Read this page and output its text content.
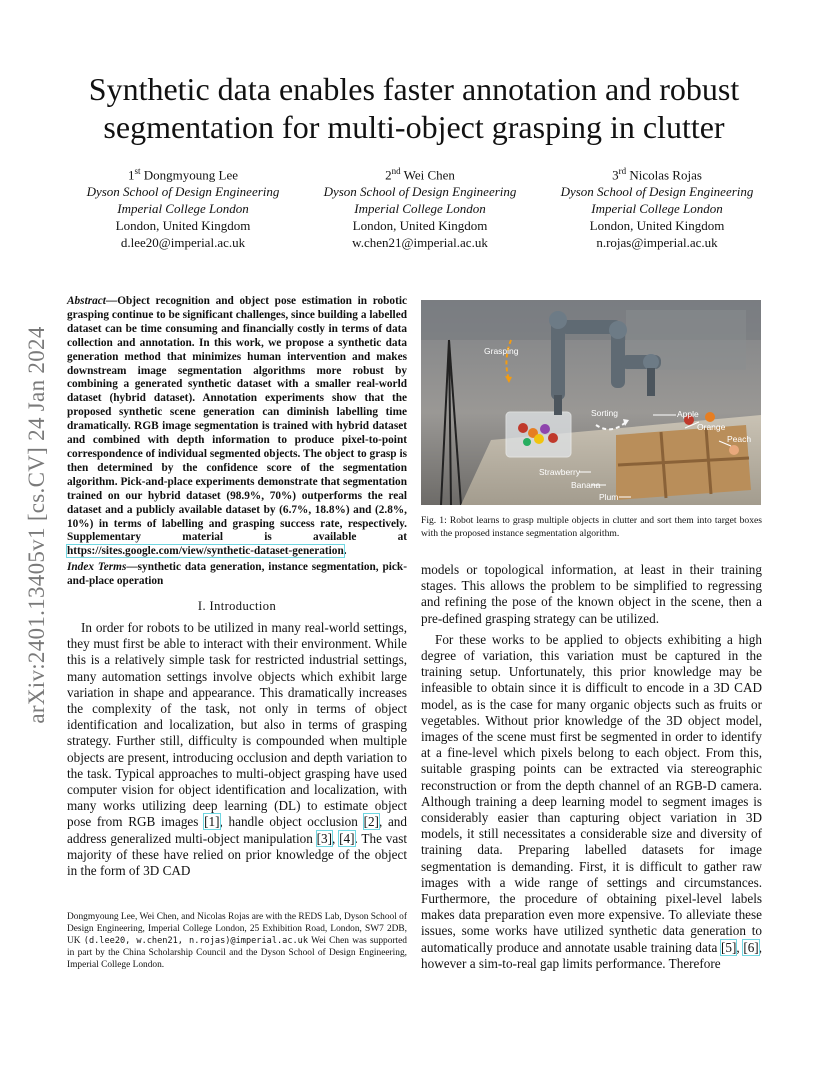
arXiv:2401.13405v1 [cs.CV] 24 Jan 2024
Synthetic data enables faster annotation and robust
segmentation for multi-object grasping in clutter
1st Dongmyoung Lee
Dyson School of Design Engineering
Imperial College London
London, United Kingdom
d.lee20@imperial.ac.uk
2nd Wei Chen
Dyson School of Design Engineering
Imperial College London
London, United Kingdom
w.chen21@imperial.ac.uk
3rd Nicolas Rojas
Dyson School of Design Engineering
Imperial College London
London, United Kingdom
n.rojas@imperial.ac.uk

Abstract—Object recognition and object pose estimation in robotic grasping continue to be significant challenges, since building a labelled dataset can be time consuming and financially costly in terms of data collection and annotation. In this work, we propose a synthetic data generation method that minimizes human intervention and makes downstream image segmentation algorithms more robust by combining a generated synthetic dataset with a smaller real-world dataset (hybrid dataset). Annotation experiments show that the proposed synthetic scene generation can diminish labelling time dramatically. RGB image segmentation is trained with hybrid dataset and combined with depth information to produce pixel-to-point correspondence of individual segmented objects. The object to grasp is then determined by the confidence score of the segmentation algorithm. Pick-and-place experiments demonstrate that segmentation trained on our hybrid dataset (98.9%, 70%) outperforms the real dataset and a publicly available dataset by (6.7%, 18.8%) and (2.8%, 10%) in terms of labelling and grasping success rate, respectively. Supplementary material is available at https://sites.google.com/view/synthetic-dataset-generation.

Index Terms—synthetic data generation, instance segmentation, pick-and-place operation

I. Introduction

In order for robots to be utilized in many real-world settings, they must first be able to interact with their environment. While this is a relatively simple task for restricted industrial settings, many automation settings involve objects which exhibit large variation in shape and appearance. This dramatically increases the complexity of the task, not only in terms of object identification and localization, but also in terms of grasping strategy. Further still, difficulty is compounded when multiple objects are present, introducing occlusion and depth variation to the task. Typical approaches to multi-object grasping have used computer vision for object identification and localization, with many works utilizing deep learning (DL) to estimate object pose from RGB images [1], handle object occlusion [2], and address generalized multi-object manipulation [3], [4]. The vast majority of these have relied on prior knowledge of the object in the form of 3D CAD

Dongmyoung Lee, Wei Chen, and Nicolas Rojas are with the REDS Lab, Dyson School of Design Engineering, Imperial College London, 25 Exhibition Road, London, SW7 2DB, UK (d.lee20, w.chen21, n.rojas)@imperial.ac.uk Wei Chen was supported in part by the China Scholarship Council and the Dyson School of Design Engineering, Imperial College London.
Grasping
Sorting	Apple
Orange
Peach
Strawberry
Banana
Plum

Fig. 1: Robot learns to grasp multiple objects in clutter and sort them into target boxes with the proposed instance segmentation algorithm.

models or topological information, at least in their training stages. This allows the problem to be simplified to regressing and refining the pose of the known object in the scene, then a pre-defined grasping strategy can be utilized.

For these works to be applied to objects exhibiting a high degree of variation, this variation must be captured in the training setup. Unfortunately, this prior knowledge may be infeasible to obtain since it is difficult to encode in a 3D CAD model, as is the case for many organic objects such as fruits or vegetables. Without prior knowledge of the 3D object model, images of the scene must first be segmented in order to identify at a fine-level which pixels belong to each object. From this, suitable grasping points can be extracted via stereographic reconstruction or from the depth channel of an RGB-D camera. Although training a deep learning model to segment images is considerably easier than capturing object variation in 3D models, it still necessitates a considerable size and diversity of training data. Preparing labelled datasets for image segmentation is demanding. First, it is difficult to gather raw images with a wide range of settings and circumstances. Furthermore, the procedure of obtaining pixel-level labels makes data preparation even more expensive. To alleviate these issues, some works have utilized synthetic data generation to automatically produce and annotate usable training data [5], [6], however a sim-to-real gap limits performance. Therefore
